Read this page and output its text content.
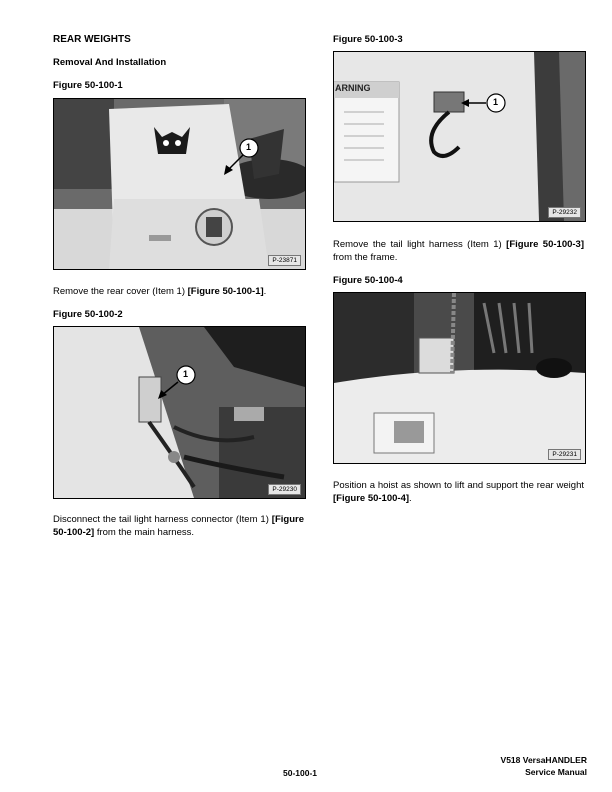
REAR WEIGHTS
Removal And Installation
Figure 50-100-1
1
P-23871
Remove the rear cover (Item 1) [Figure 50-100-1].
Figure 50-100-2
1
P-29230
Disconnect the tail light harness connector (Item 1) [Figure 50-100-2] from the main harness.
Figure 50-100-3
ARNING
1
P-29232
Remove the tail light harness (Item 1) [Figure 50-100-3] from the frame.
Figure 50-100-4
P-29231
Position a hoist as shown to lift and support the rear weight [Figure 50-100-4].
50-100-1
V518 VersaHANDLER
Service Manual
